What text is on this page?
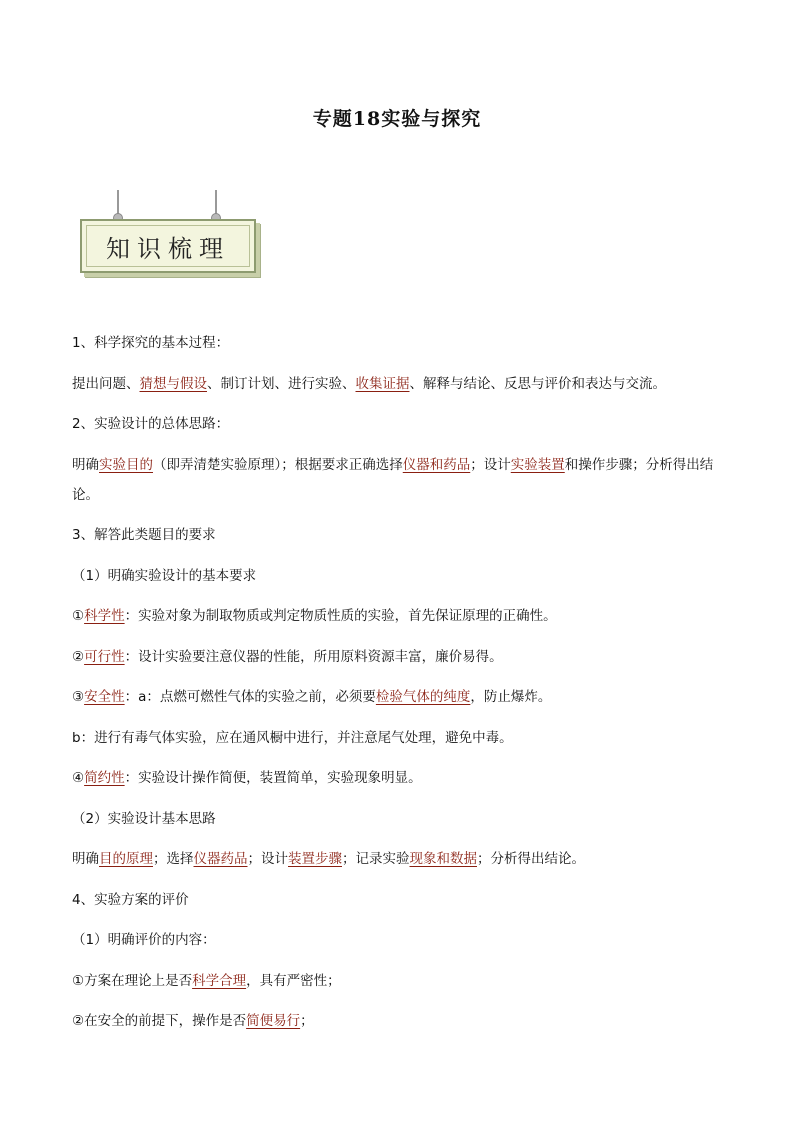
专题18实验与探究
知识梳理
1、科学探究的基本过程：
提出问题、猜想与假设、制订计划、进行实验、收集证据、解释与结论、反思与评价和表达与交流。
2、实验设计的总体思路：
明确实验目的（即弄清楚实验原理）；根据要求正确选择仪器和药品；设计实验装置和操作步骤；分析得出结论。
3、解答此类题目的要求
（1）明确实验设计的基本要求
①科学性：实验对象为制取物质或判定物质性质的实验，首先保证原理的正确性。
②可行性：设计实验要注意仪器的性能，所用原料资源丰富，廉价易得。
③安全性：a：点燃可燃性气体的实验之前，必须要检验气体的纯度，防止爆炸。
b：进行有毒气体实验，应在通风橱中进行，并注意尾气处理，避免中毒。
④简约性：实验设计操作简便，装置简单，实验现象明显。
（2）实验设计基本思路
明确目的原理；选择仪器药品；设计装置步骤；记录实验现象和数据；分析得出结论。
4、实验方案的评价
（1）明确评价的内容：
①方案在理论上是否科学合理，具有严密性；
②在安全的前提下，操作是否简便易行；
